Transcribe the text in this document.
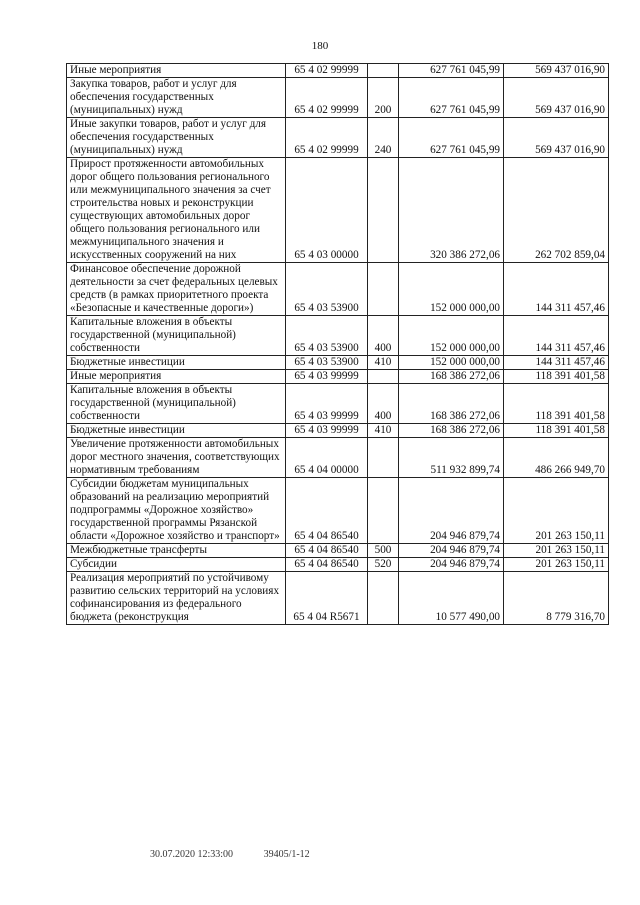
180
Иные мероприятия	65 4 02 99999		627 761 045,99	569 437 016,90
Закупка товаров, работ и услуг для обеспечения государственных (муниципальных) нужд	65 4 02 99999	200	627 761 045,99	569 437 016,90
Иные закупки товаров, работ и услуг для обеспечения государственных (муниципальных) нужд	65 4 02 99999	240	627 761 045,99	569 437 016,90
Прирост протяженности автомобильных дорог общего пользования регионального или межмуниципального значения за счет строительства новых и реконструкции существующих автомобильных дорог общего пользования регионального или межмуниципального значения и искусственных сооружений на них	65 4 03 00000		320 386 272,06	262 702 859,04
Финансовое обеспечение дорожной деятельности за счет федеральных целевых средств (в рамках приоритетного проекта «Безопасные и качественные дороги»)	65 4 03 53900		152 000 000,00	144 311 457,46
Капитальные вложения в объекты государственной (муниципальной) собственности	65 4 03 53900	400	152 000 000,00	144 311 457,46
Бюджетные инвестиции	65 4 03 53900	410	152 000 000,00	144 311 457,46
Иные мероприятия	65 4 03 99999		168 386 272,06	118 391 401,58
Капитальные вложения в объекты государственной (муниципальной) собственности	65 4 03 99999	400	168 386 272,06	118 391 401,58
Бюджетные инвестиции	65 4 03 99999	410	168 386 272,06	118 391 401,58
Увеличение протяженности автомобильных дорог местного значения, соответствующих нормативным требованиям	65 4 04 00000		511 932 899,74	486 266 949,70
Субсидии бюджетам муниципальных образований на реализацию мероприятий подпрограммы «Дорожное хозяйство» государственной программы Рязанской области «Дорожное хозяйство и транспорт»	65 4 04 86540		204 946 879,74	201 263 150,11
Межбюджетные трансферты	65 4 04 86540	500	204 946 879,74	201 263 150,11
Субсидии	65 4 04 86540	520	204 946 879,74	201 263 150,11
Реализация мероприятий по устойчивому развитию сельских территорий на условиях софинансирования из федерального бюджета (реконструкция	65 4 04 R5671		10 577 490,00	8 779 316,70
30.07.2020 12:33:00	39405/1-12
